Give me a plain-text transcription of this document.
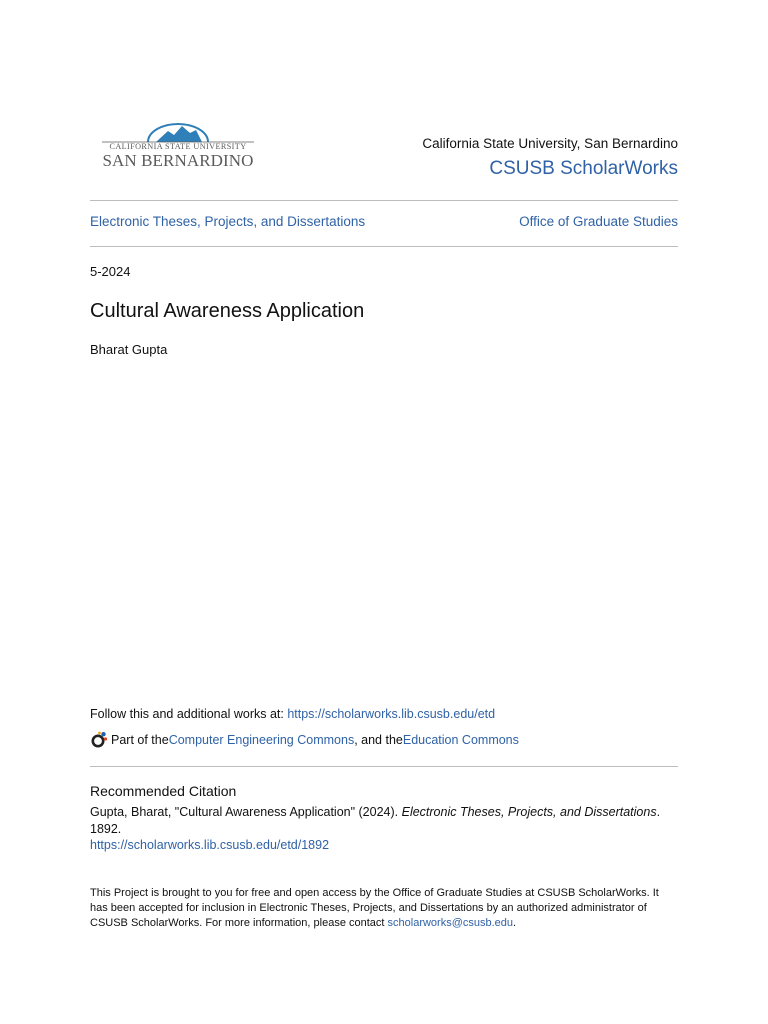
CALIFORNIA STATE UNIVERSITY
SAN BERNARDINO
California State University, San Bernardino
CSUSB ScholarWorks
Electronic Theses, Projects, and Dissertations	Office of Graduate Studies
5-2024
Cultural Awareness Application
Bharat Gupta
Follow this and additional works at: https://scholarworks.lib.csusb.edu/etd
Part of the Computer Engineering Commons , and the Education Commons
Recommended Citation
Gupta, Bharat, "Cultural Awareness Application" (2024). Electronic Theses, Projects, and Dissertations. 1892.
https://scholarworks.lib.csusb.edu/etd/1892
This Project is brought to you for free and open access by the Office of Graduate Studies at CSUSB ScholarWorks. It has been accepted for inclusion in Electronic Theses, Projects, and Dissertations by an authorized administrator of CSUSB ScholarWorks. For more information, please contact scholarworks@csusb.edu.
